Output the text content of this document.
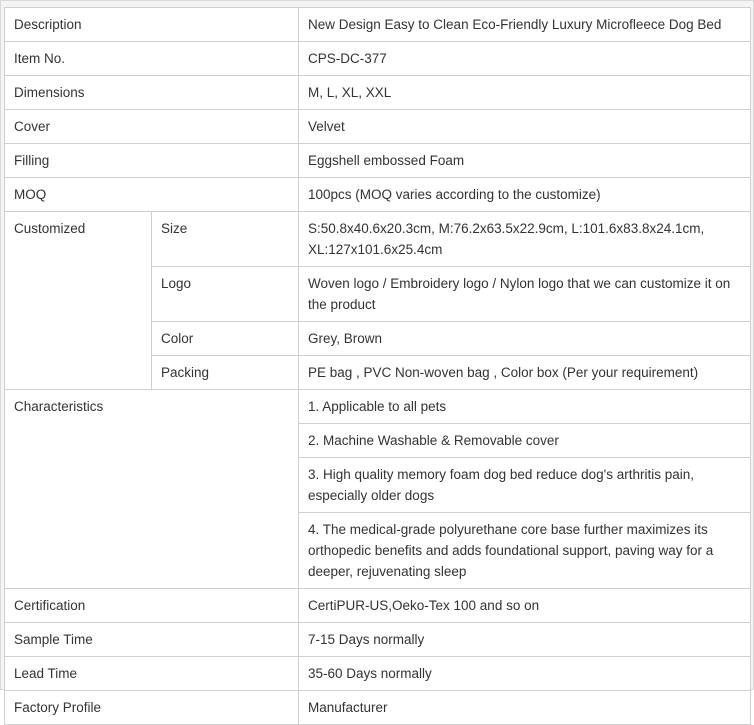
Description		New Design Easy to Clean Eco-Friendly Luxury Microfleece Dog Bed
Item No.		CPS-DC-377
Dimensions		M, L, XL, XXL
Cover		Velvet
Filling		Eggshell embossed Foam
MOQ		100pcs (MOQ varies according to the customize)
Customized	Size	S:50.8x40.6x20.3cm, M:76.2x63.5x22.9cm, L:101.6x83.8x24.1cm, XL:127x101.6x25.4cm
	Logo	Woven logo / Embroidery logo / Nylon logo that we can customize it on the product
	Color	Grey, Brown
	Packing	PE bag , PVC Non-woven bag , Color box (Per your requirement)
Characteristics		1. Applicable to all pets
		2. Machine Washable & Removable cover
		3. High quality memory foam dog bed reduce dog's arthritis pain, especially older dogs
		4. The medical-grade polyurethane core base further maximizes its orthopedic benefits and adds foundational support, paving way for a deeper, rejuvenating sleep
Certification		CertiPUR-US,Oeko-Tex 100 and so on
Sample Time		7-15 Days normally
Lead Time		35-60 Days normally
Factory Profile		Manufacturer
